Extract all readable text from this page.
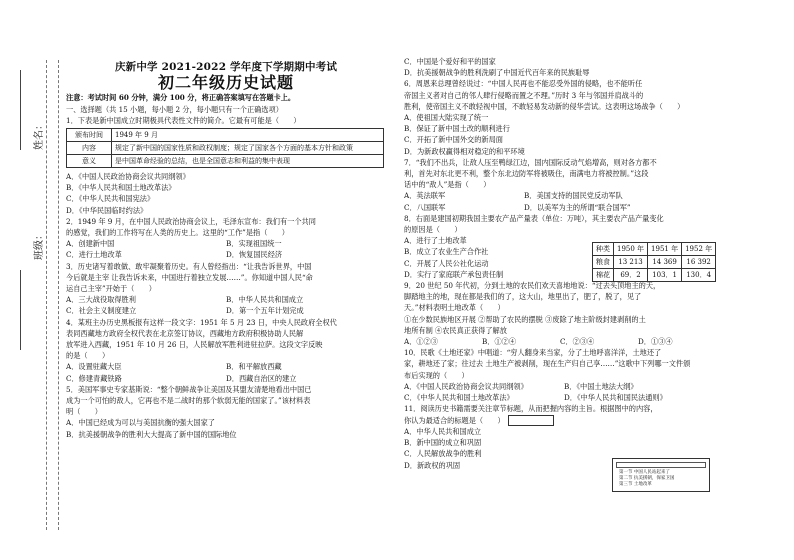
姓名：
班级：
庆新中学 2021-2022 学年度下学期期中考试
初二年级历史试题
注意：考试时间 60 分钟，满分 100 分，将正确答案填写在答题卡上。
一、选择题（共 15 小题，每小题 2 分，每小题只有一个正确选项）
1．下表是新中国成立时期极具代表性文件的简介。它最有可能是（　　）
颁布时间	1949 年 9 月
内容	规定了新中国的国家性质和政权制度；规定了国家各个方面的基本方针和政策
意义	是中国革命经验的总结，也是全国意志和利益的集中表现
A．《中国人民政治协商会议共同纲领》
B．《中华人民共和国土地改革法》
C．《中华人民共和国宪法》
D．《中华民国临时约法》
2．1949 年 9 月，在中国人民政治协商会议上，毛泽东宣布：我们有一个共同
的感觉，我们的工作将写在人类的历史上。这里的“工作”是指（　　）
A．创建新中国	B．实现祖国统一
C．进行土地改革	D．恢复国民经济
3．历史诸写着敢做、敢牢凝聚着历史。有人曾经指出：“让我告诉世界，中国
今后就是主宰 让我告诉未来，中国进行着独立发展……”。你知道中国人民“命
运自己主宰”开始于（　　）
A．三大战役取得胜利	B．中华人民共和国成立
C．社会主义制度建立	D．第一个五年计划完成
4．某班主办历史黑板报有这样一段文字：1951 年 5 月 23 日，中央人民政府全权代
表同西藏地方政府全权代表在北京签订协议，西藏地方政府积极协助人民解
放军进入西藏，1951 年 10 月 26 日，人民解放军胜利进驻拉萨。这段文字反映
的是（　　）
A．设置驻藏大臣	B．和平解放西藏
C．修建青藏铁路	D．西藏自治区的建立
5．美国军事史专家基斯说：“整个朝鲜战争让美国及其盟友清楚地看出中国已
成为一个可怕的敌人，它再也不是二战时的那个软弱无能的国家了。”该材料表
明（　　）
A．中国已经成为可以与美国抗衡的强大国家了
B．抗美援朝战争的胜利大大提高了新中国的国际地位
C．中国是个爱好和平的国家
D．抗美援朝战争的胜利洗刷了中国近代百年来的民族耻辱
6．周恩来总理曾经说过：“中国人民再也不能忍受外国的侵略，也不能听任
帝国主义者对自己的邻人肆行侵略而置之不理。”历时 3 年与邻国并肩战斗的
胜利，使帝国主义不敢轻视中国，不敢轻易发动新的侵华尝试。这表明这场战争（　　）
A．使祖国大陆实现了统一
B．保证了新中国土改的顺利进行
C．开拓了新中国外交的新局面
D．为新政权赢得相对稳定的和平环境
7．“我们不出兵，让敌人压至鸭绿江边，国内国际反动气焰增高，则对各方都不
利，首先对东北更不利，整个东北边防军将被吸住，南满电力将被控制。”这段
话中的“敌人”是指（　　）
A．英法联军	B．美国支持的国民党反动军队
C．八国联军	D．以美军为主的所谓“联合国军”
8．右面是建国初期我国主要农产品产量表（单位：万吨），其主要农产品产量变化
的原因是（　　）
A．进行了土地改革
B．成立了农业生产合作社
C．开展了人民公社化运动
D．实行了家庭联产承包责任制
9．20 世纪 50 年代初，分到土地的农民们欢天喜地地说：“过去头顶地主的天，
脚踏地主的地，现在都是我们的了，这大山，地里出了，肥了，脱了，见了
天。”材料表明土地改革（　　）
①在少数民族地区开展 ②帮助了农民的摆脱 ③废除了地主阶级封建剥削的土
地所有制 ④农民真正获得了解放
A．①②③	B．①②④	C．②③④	D．①③④
10．民歌《土地还家》中唱道：“穷人翻身来当家，分了土地呼喜洋洋，土地还了
家，耕地还了家；往过去 土地生产被剥削，现在生产归自己享……”这歌中下列哪一文件颁
布后实现的（　　）
A．《中国人民政治协商会议共同纲领》	B．《中国土地法大纲》
C．《中华人民共和国土地改革法》	D．《中华人民共和国民法通则》
11．阅读历史书籍需要关注章节标题，从而把握内容的主旨。根据图中的内容，
你认为最适合的标题是（　　）
A．中华人民共和国成立
B．新中国的成立和巩固
C．人民解放战争的胜利
D．新政权的巩固
种类	1950 年	1951 年	1952 年
粮食	13 213	14 369	16 392
棉花	69．2	103．1	130．4
第一节 中国人民站起来了
第二节 抗美援朝，保家卫国
第三节 土地改革
